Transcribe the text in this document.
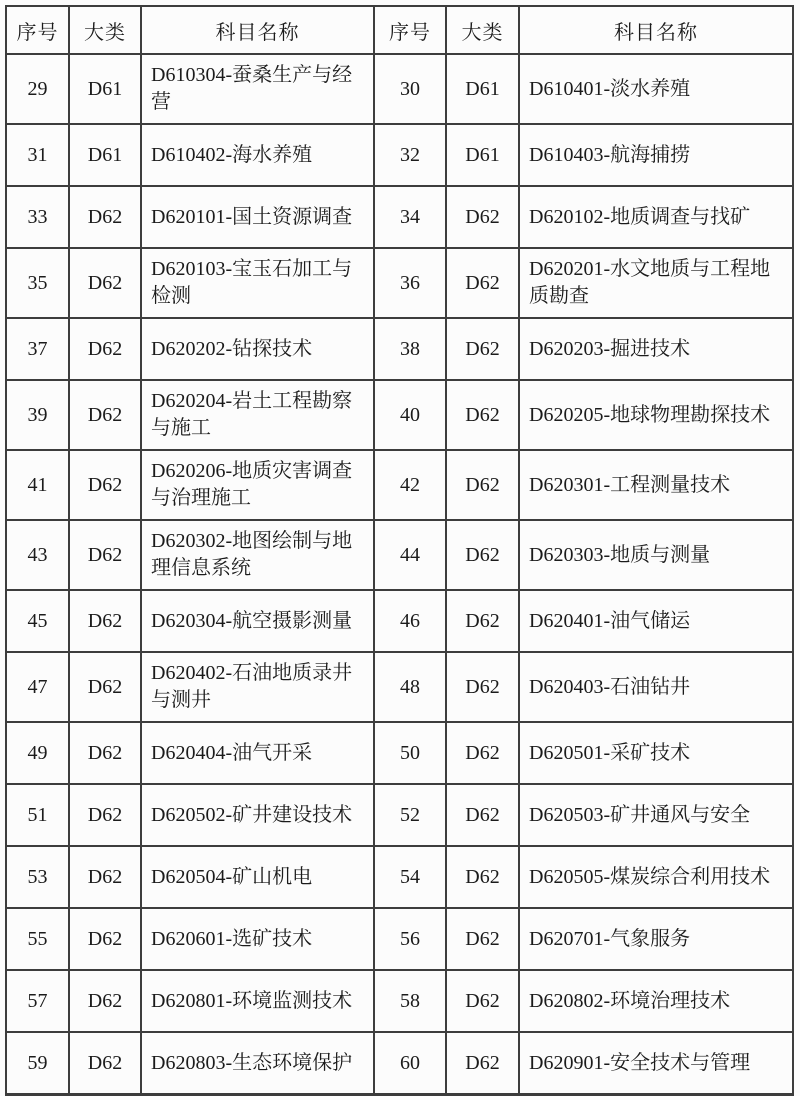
序号	大类	科目名称	序号	大类	科目名称
29	D61	D610304-蚕桑生产与经营	30	D61	D610401-淡水养殖
31	D61	D610402-海水养殖	32	D61	D610403-航海捕捞
33	D62	D620101-国土资源调查	34	D62	D620102-地质调查与找矿
35	D62	D620103-宝玉石加工与检测	36	D62	D620201-水文地质与工程地质勘查
37	D62	D620202-钻探技术	38	D62	D620203-掘进技术
39	D62	D620204-岩土工程勘察与施工	40	D62	D620205-地球物理勘探技术
41	D62	D620206-地质灾害调查与治理施工	42	D62	D620301-工程测量技术
43	D62	D620302-地图绘制与地理信息系统	44	D62	D620303-地质与测量
45	D62	D620304-航空摄影测量	46	D62	D620401-油气储运
47	D62	D620402-石油地质录井与测井	48	D62	D620403-石油钻井
49	D62	D620404-油气开采	50	D62	D620501-采矿技术
51	D62	D620502-矿井建设技术	52	D62	D620503-矿井通风与安全
53	D62	D620504-矿山机电	54	D62	D620505-煤炭综合利用技术
55	D62	D620601-选矿技术	56	D62	D620701-气象服务
57	D62	D620801-环境监测技术	58	D62	D620802-环境治理技术
59	D62	D620803-生态环境保护	60	D62	D620901-安全技术与管理
